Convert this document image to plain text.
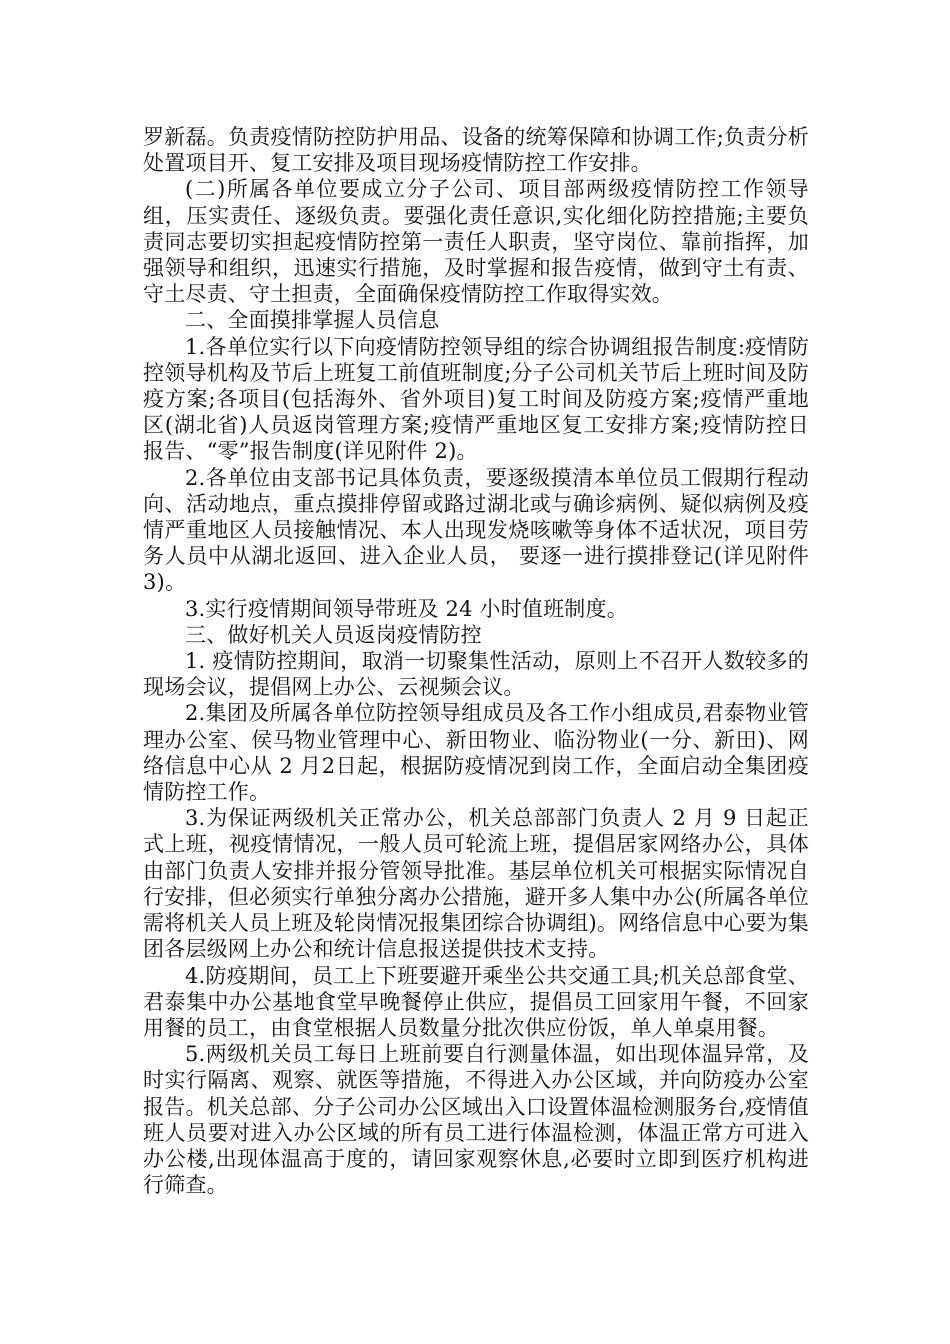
罗新磊。负责疫情防控防护用品、设备的统筹保障和协调工作;负责分析处置项目开、复工安排及项目现场疫情防控工作安排。

(二)所属各单位要成立分子公司、项目部两级疫情防控工作领导组，压实责任、逐级负责。要强化责任意识,实化细化防控措施;主要负责同志要切实担起疫情防控第一责任人职责，坚守岗位、靠前指挥，加强领导和组织，迅速实行措施，及时掌握和报告疫情，做到守土有责、守土尽责、守土担责，全面确保疫情防控工作取得实效。

二、全面摸排掌握人员信息

1.各单位实行以下向疫情防控领导组的综合协调组报告制度:疫情防控领导机构及节后上班复工前值班制度;分子公司机关节后上班时间及防疫方案;各项目(包括海外、省外项目)复工时间及防疫方案;疫情严重地区(湖北省)人员返岗管理方案;疫情严重地区复工安排方案;疫情防控日报告、“零”报告制度(详见附件 2)。

2.各单位由支部书记具体负责，要逐级摸清本单位员工假期行程动向、活动地点，重点摸排停留或路过湖北或与确诊病例、疑似病例及疫情严重地区人员接触情况、本人出现发烧咳嗽等身体不适状况，项目劳务人员中从湖北返回、进入企业人员， 要逐一进行摸排登记(详见附件 3)。

3.实行疫情期间领导带班及 24 小时值班制度。

三、做好机关人员返岗疫情防控

1. 疫情防控期间，取消一切聚集性活动，原则上不召开人数较多的现场会议，提倡网上办公、云视频会议。

2.集团及所属各单位防控领导组成员及各工作小组成员,君泰物业管理办公室、侯马物业管理中心、新田物业、临汾物业(一分、新田)、网络信息中心从 2 月2日起，根据防疫情况到岗工作，全面启动全集团疫情防控工作。

3.为保证两级机关正常办公，机关总部部门负责人 2 月 9 日起正式上班，视疫情情况，一般人员可轮流上班，提倡居家网络办公，具体由部门负责人安排并报分管领导批准。基层单位机关可根据实际情况自行安排，但必须实行单独分离办公措施，避开多人集中办公(所属各单位需将机关人员上班及轮岗情况报集团综合协调组)。网络信息中心要为集团各层级网上办公和统计信息报送提供技术支持。

4.防疫期间，员工上下班要避开乘坐公共交通工具;机关总部食堂、君泰集中办公基地食堂早晚餐停止供应，提倡员工回家用午餐，不回家用餐的员工，由食堂根据人员数量分批次供应份饭，单人单桌用餐。

5.两级机关员工每日上班前要自行测量体温，如出现体温异常，及时实行隔离、观察、就医等措施，不得进入办公区域，并向防疫办公室报告。机关总部、分子公司办公区域出入口设置体温检测服务台,疫情值班人员要对进入办公区域的所有员工进行体温检测，体温正常方可进入办公楼,出现体温高于度的，请回家观察休息,必要时立即到医疗机构进行筛查。
